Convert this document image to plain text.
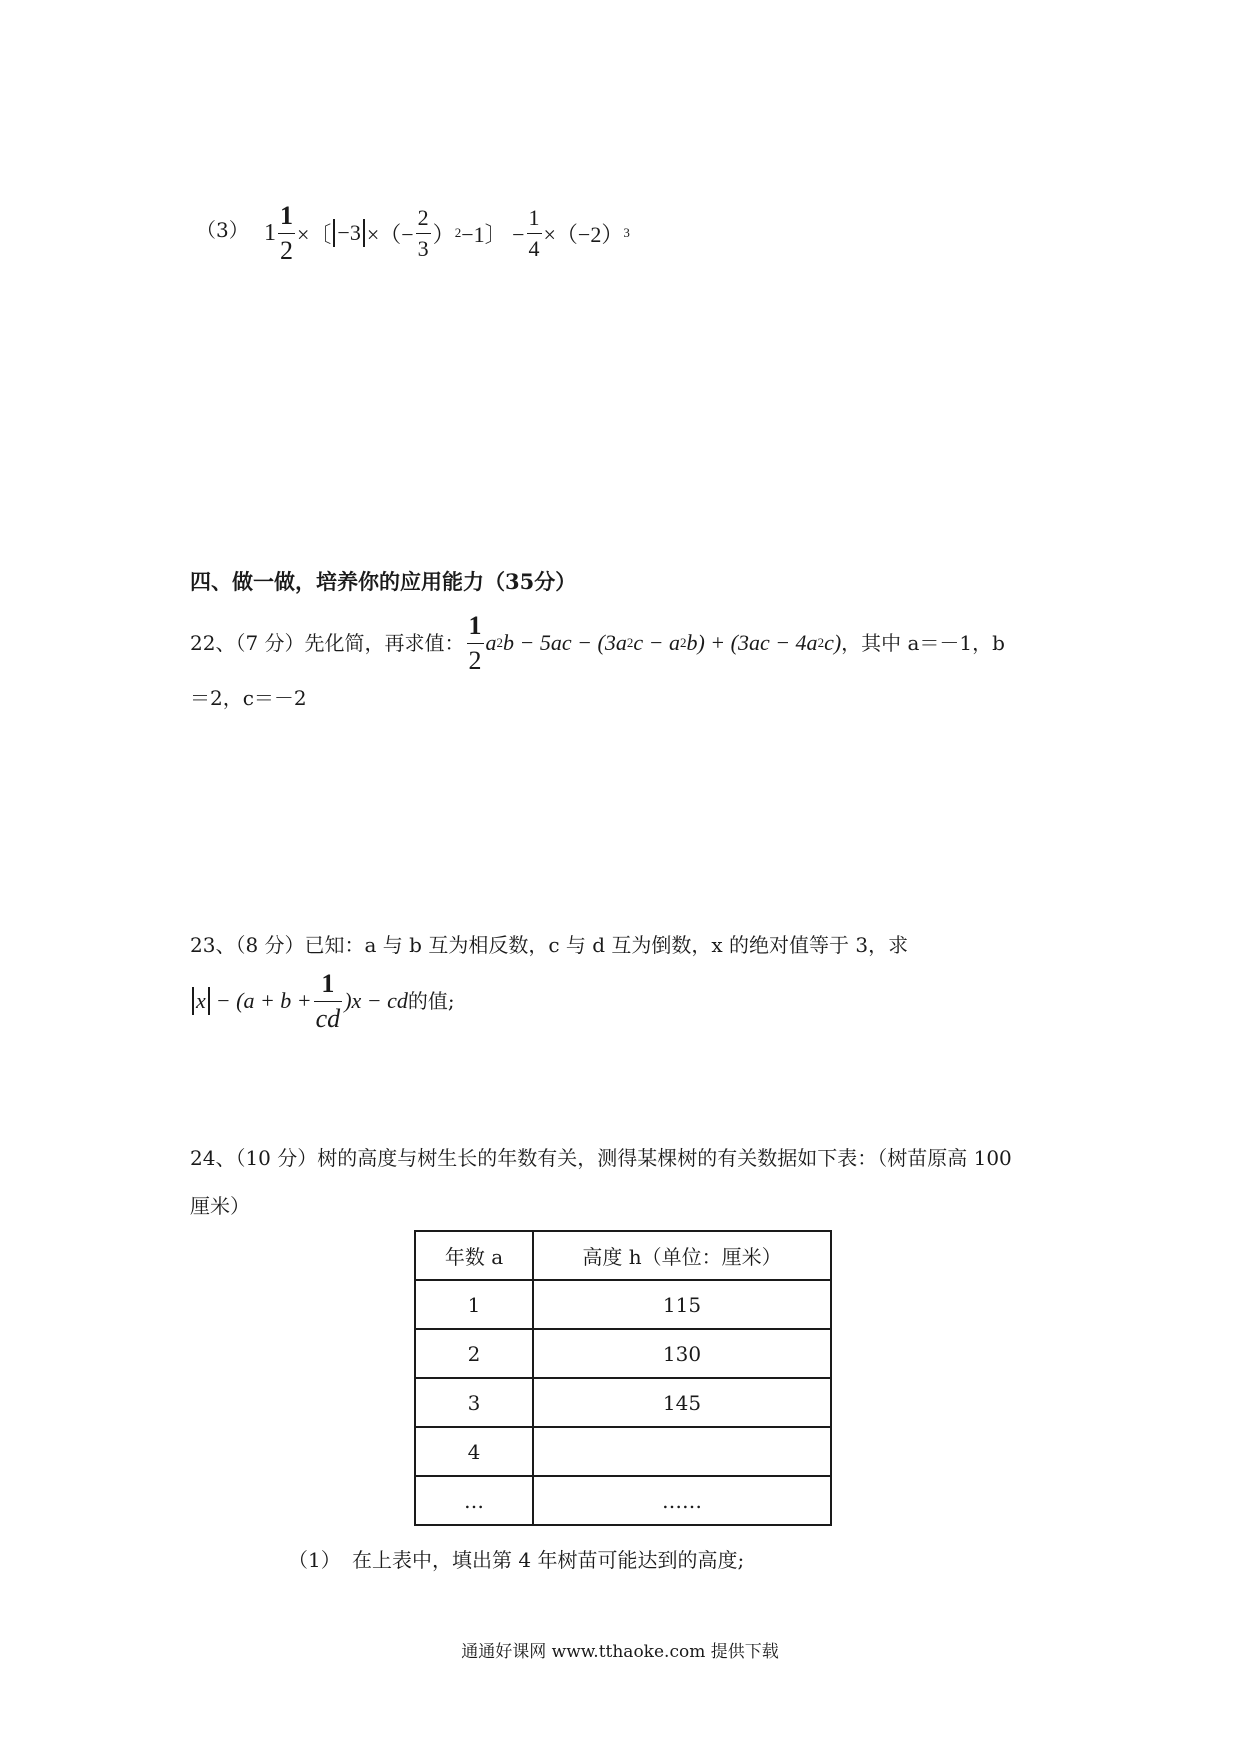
（3） $1 \frac{1}{2}$ ×〔 −3 ×（− $\frac{2}{3}$ ） 2 −1〕 − $\frac{1}{4} \times(-2)$ 3
四、做一做，培养你的应用能力（35分）
22、（7 分）先化简，再求值： $\frac{1}{2}$ a 2 b − 5ac − (3a 2 c − a 2 b) + (3ac − 4a 2 c) ，其中 a＝－1，b
＝2，c＝－2
23、（8 分）已知：a 与 b 互为相反数，c 与 d 互为倒数，x 的绝对值等于 3，求
$x - (a + b + \frac{1}{cd} )x$ − cd 的值;
24、（10 分）树的高度与树生长的年数有关，测得某棵树的有关数据如下表：（树苗原高 100
厘米）
年数 a	高度 h（单位：厘米）
1	115
2	130
3	145
4	
…	……
（1） 在上表中，填出第 4 年树苗可能达到的高度;
通通好课网 www.tthaoke.com 提供下载
